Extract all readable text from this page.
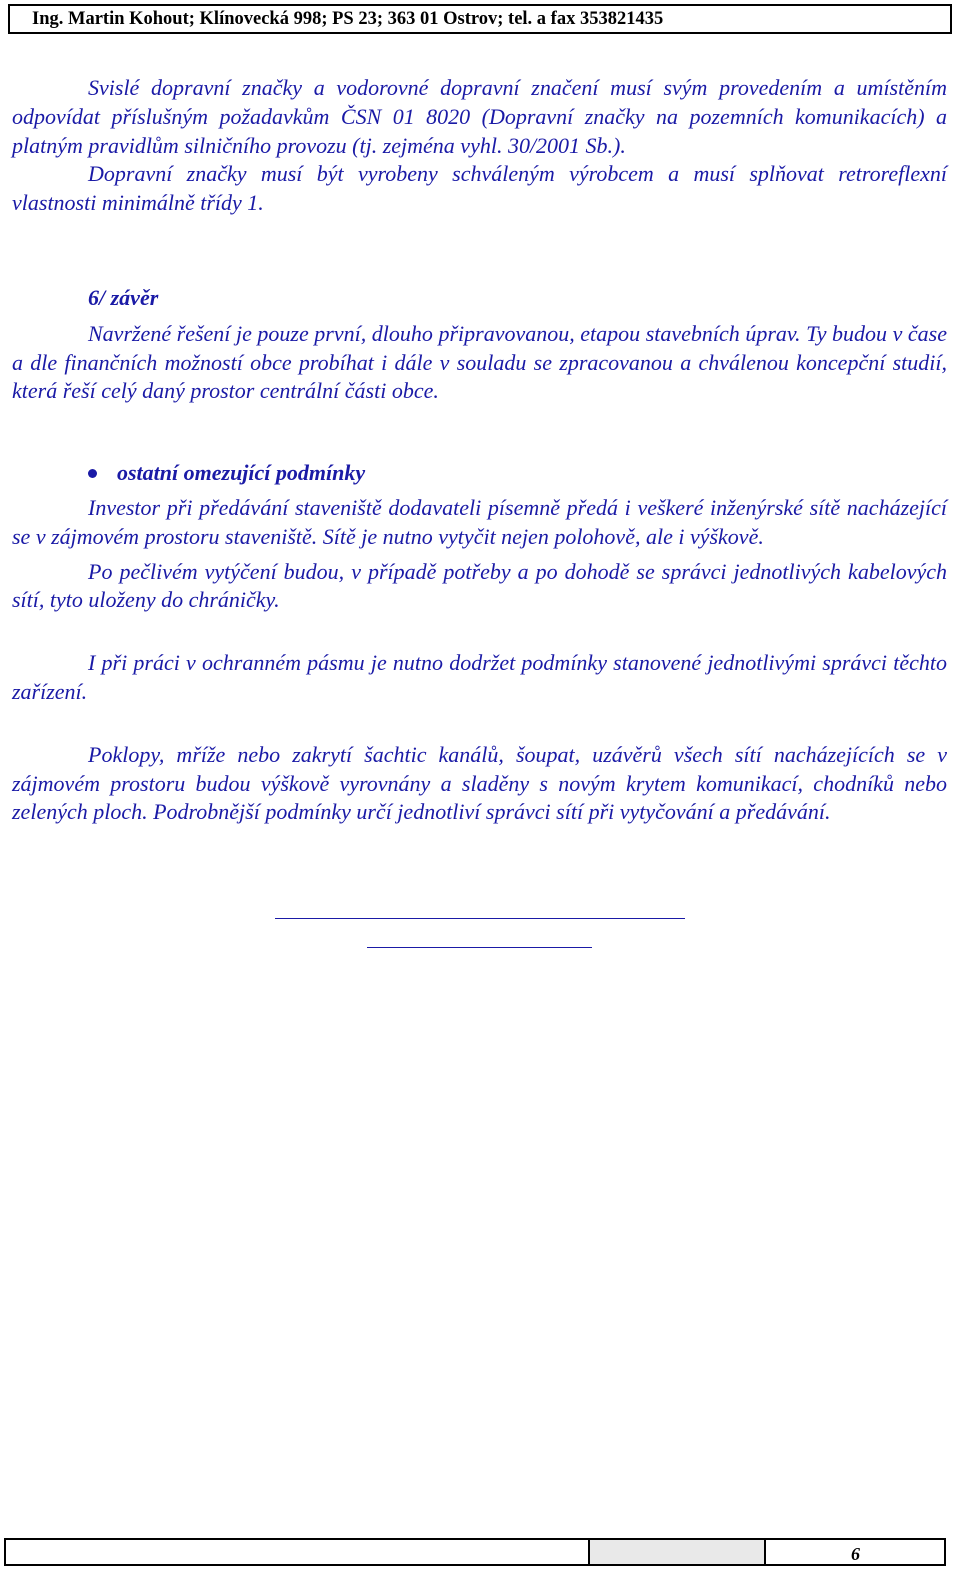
Ing. Martin Kohout; Klínovecká 998; PS 23; 363 01 Ostrov; tel. a fax 353821435

Svislé dopravní značky a vodorovné dopravní značení musí svým provedením a umístěním odpovídat příslušným požadavkům ČSN 01 8020 (Dopravní značky na pozemních komunikacích) a platným pravidlům silničního provozu (tj. zejména vyhl. 30/2001 Sb.).

Dopravní značky musí být vyrobeny schváleným výrobcem a musí splňovat retroreflexní vlastnosti minimálně třídy 1.

6/ závěr

Navržené řešení je pouze první, dlouho připravovanou, etapou stavebních úprav. Ty budou v čase a dle finančních možností obce probíhat i dále v souladu se zpracovanou a chválenou koncepční studií, která řeší celý daný prostor centrální části obce.

ostatní omezující podmínky

Investor při předávání staveniště dodavateli písemně předá i veškeré inženýrské sítě nacházející se v zájmovém prostoru staveniště. Sítě je nutno vytyčit nejen polohově, ale i výškově.

Po pečlivém vytýčení budou, v případě potřeby a po dohodě se správci jednotlivých kabelových sítí, tyto uloženy do chráničky.

I při práci v ochranném pásmu je nutno dodržet podmínky stanovené jednotlivými správci těchto zařízení.

Poklopy, mříže nebo zakrytí šachtic kanálů, šoupat, uzávěrů všech sítí nacházejících se v zájmovém prostoru budou výškově vyrovnány a sladěny s novým krytem komunikací, chodníků nebo zelených ploch. Podrobnější podmínky určí jednotliví správci sítí při vytyčování a předávání.

6
